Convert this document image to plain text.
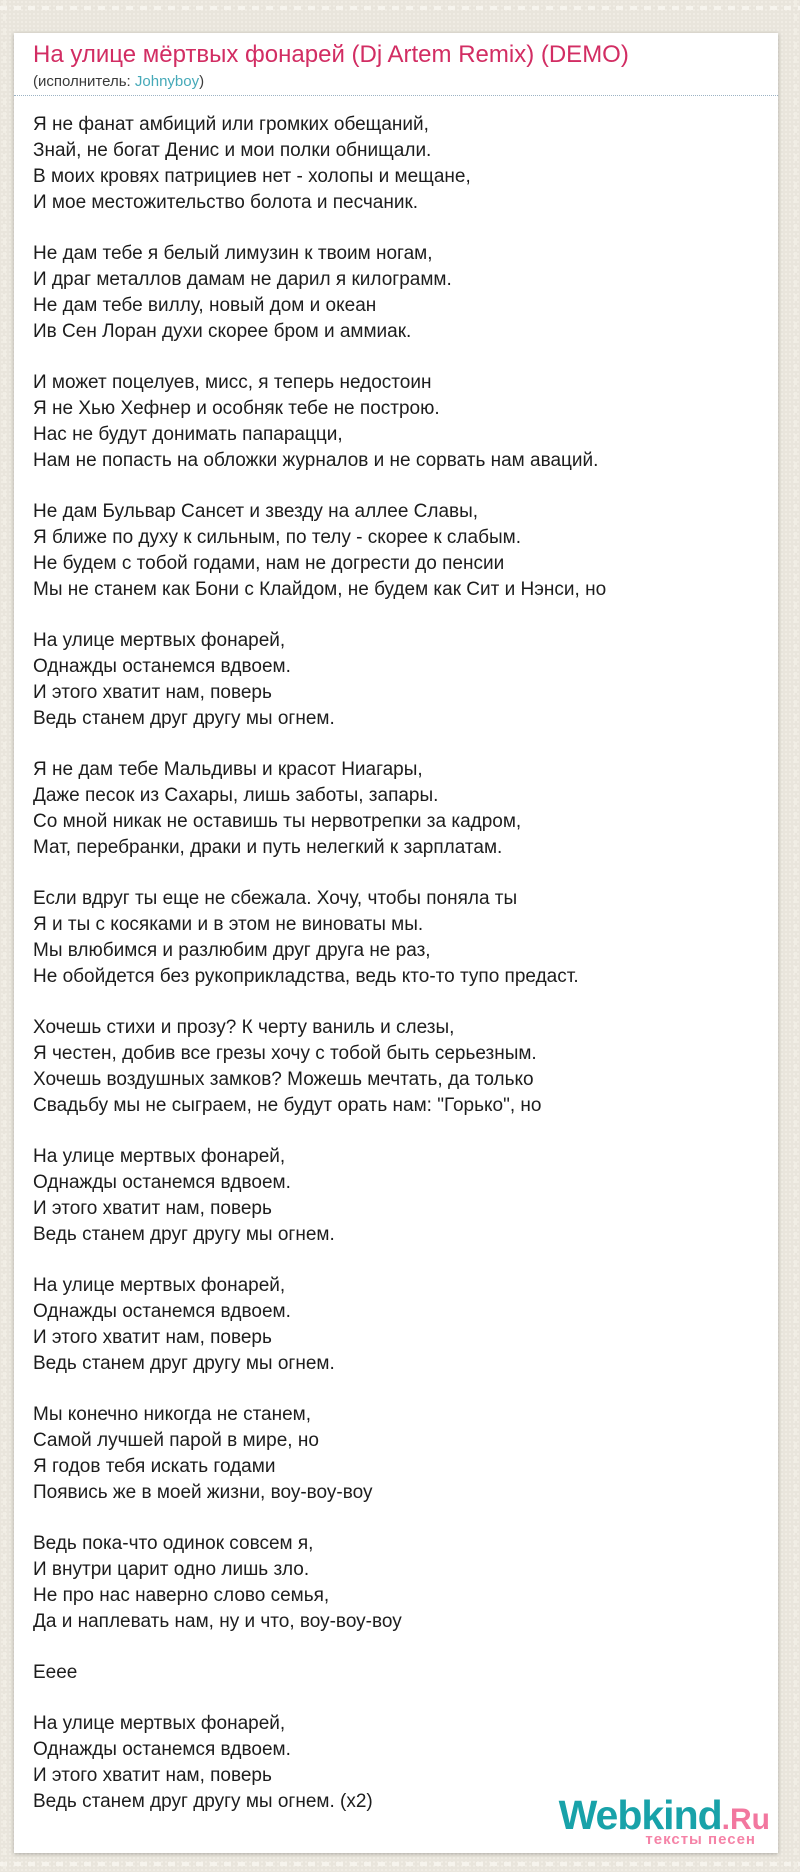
На улице мёртвых фонарей (Dj Artem Remix) (DEMO)
(исполнитель: Johnyboy)

Я не фанат амбиций или громких обещаний,
Знай, не богат Денис и мои полки обнищали.
В моих кровях патрициев нет - холопы и мещане,
И мое местожительство болота и песчаник.

Не дам тебе я белый лимузин к твоим ногам,
И драг металлов дамам не дарил я килограмм.
Не дам тебе виллу, новый дом и океан
Ив Сен Лоран духи скорее бром и аммиак.

И может поцелуев, мисс, я теперь недостоин
Я не Хью Хефнер и особняк тебе не построю.
Нас не будут донимать папарацци,
Нам не попасть на обложки журналов и не сорвать нам аваций.

Не дам Бульвар Сансет и звезду на аллее Славы,
Я ближе по духу к сильным, по телу - скорее к слабым.
Не будем с тобой годами, нам не догрести до пенсии
Мы не станем как Бони с Клайдом, не будем как Сит и Нэнси, но

На улице мертвых фонарей,
Однажды останемся вдвоем.
И этого хватит нам, поверь
Ведь станем друг другу мы огнем.

Я не дам тебе Мальдивы и красот Ниагары,
Даже песок из Сахары, лишь заботы, запары.
Со мной никак не оставишь ты нервотрепки за кадром,
Мат, перебранки, драки и путь нелегкий к зарплатам.

Если вдруг ты еще не сбежала. Хочу, чтобы поняла ты
Я и ты с косяками и в этом не виноваты мы.
Мы влюбимся и разлюбим друг друга не раз,
Не обойдется без рукоприкладства, ведь кто-то тупо предаст.

Хочешь стихи и прозу? К черту ваниль и слезы,
Я честен, добив все грезы хочу с тобой быть серьезным.
Хочешь воздушных замков? Можешь мечтать, да только
Свадьбу мы не сыграем, не будут орать нам: "Горько", но

На улице мертвых фонарей,
Однажды останемся вдвоем.
И этого хватит нам, поверь
Ведь станем друг другу мы огнем.

На улице мертвых фонарей,
Однажды останемся вдвоем.
И этого хватит нам, поверь
Ведь станем друг другу мы огнем.

Мы конечно никогда не станем,
Самой лучшей парой в мире, но
Я годов тебя искать годами
Появись же в моей жизни, воу-воу-воу

Ведь пока-что одинок совсем я,
И внутри царит одно лишь зло.
Не про нас наверно слово семья,
Да и наплевать нам, ну и что, воу-воу-воу

Ееее

На улице мертвых фонарей,
Однажды останемся вдвоем.
И этого хватит нам, поверь
Ведь станем друг другу мы огнем. (x2)	Webkind.Ru
тексты песен
